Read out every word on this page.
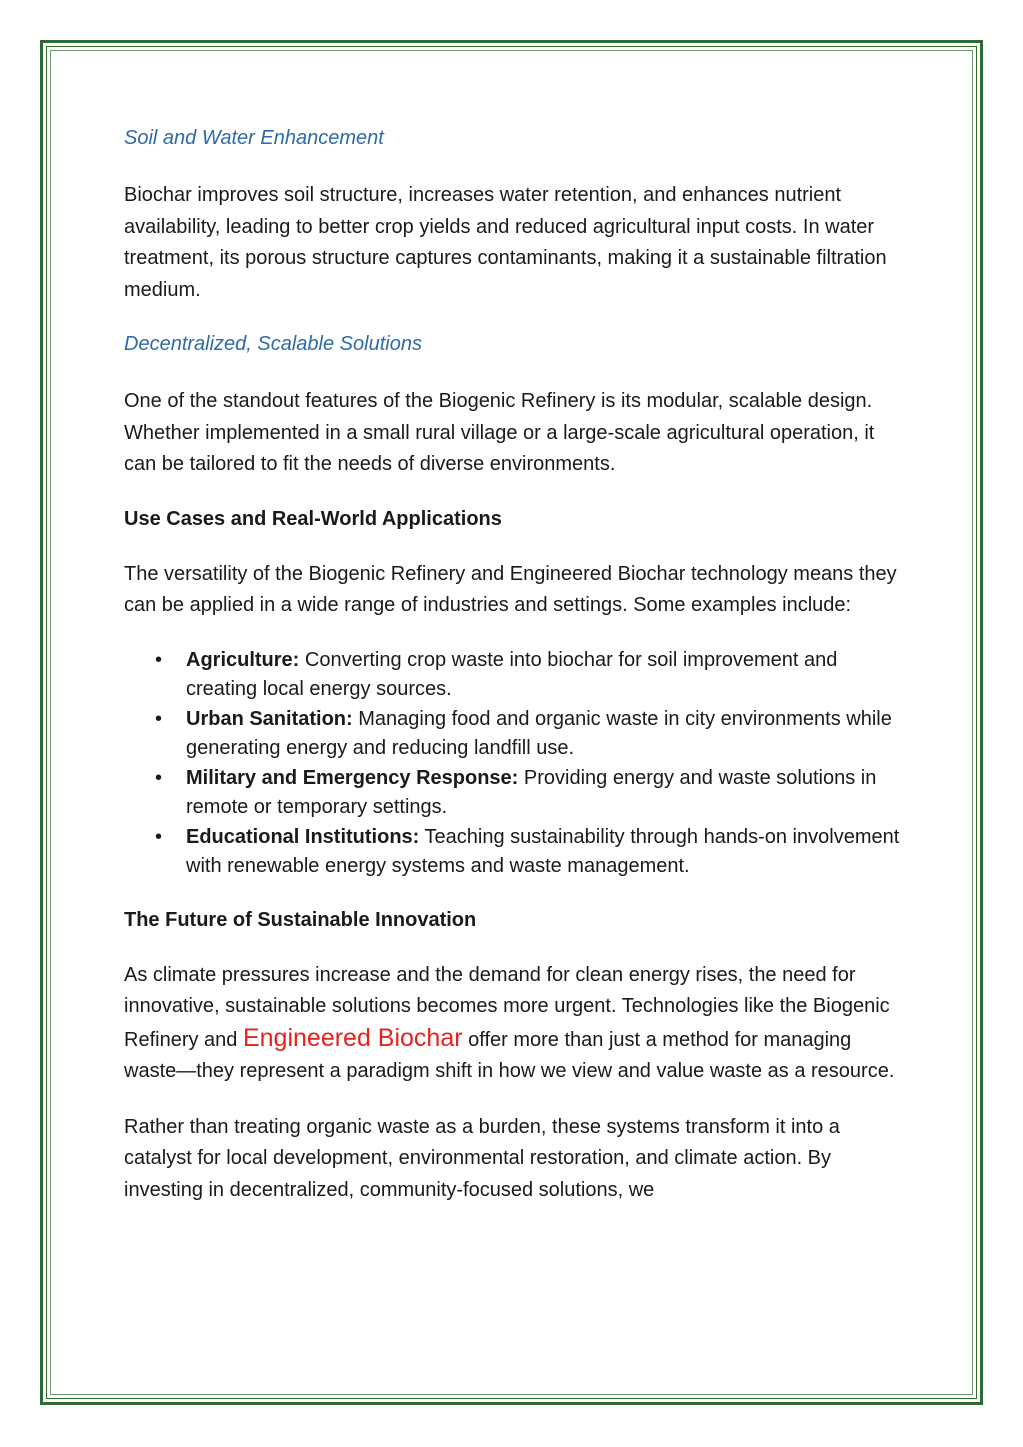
Soil and Water Enhancement

Biochar improves soil structure, increases water retention, and enhances nutrient availability, leading to better crop yields and reduced agricultural input costs. In water treatment, its porous structure captures contaminants, making it a sustainable filtration medium.

Decentralized, Scalable Solutions

One of the standout features of the Biogenic Refinery is its modular, scalable design. Whether implemented in a small rural village or a large-scale agricultural operation, it can be tailored to fit the needs of diverse environments.

Use Cases and Real-World Applications

The versatility of the Biogenic Refinery and Engineered Biochar technology means they can be applied in a wide range of industries and settings. Some examples include:

• Agriculture: Converting crop waste into biochar for soil improvement and creating local energy sources.
• Urban Sanitation: Managing food and organic waste in city environments while generating energy and reducing landfill use.
• Military and Emergency Response: Providing energy and waste solutions in remote or temporary settings.
• Educational Institutions: Teaching sustainability through hands-on involvement with renewable energy systems and waste management.

The Future of Sustainable Innovation

As climate pressures increase and the demand for clean energy rises, the need for innovative, sustainable solutions becomes more urgent. Technologies like the Biogenic Refinery and Engineered Biochar offer more than just a method for managing waste—they represent a paradigm shift in how we view and value waste as a resource.

Rather than treating organic waste as a burden, these systems transform it into a catalyst for local development, environmental restoration, and climate action. By investing in decentralized, community-focused solutions, we
